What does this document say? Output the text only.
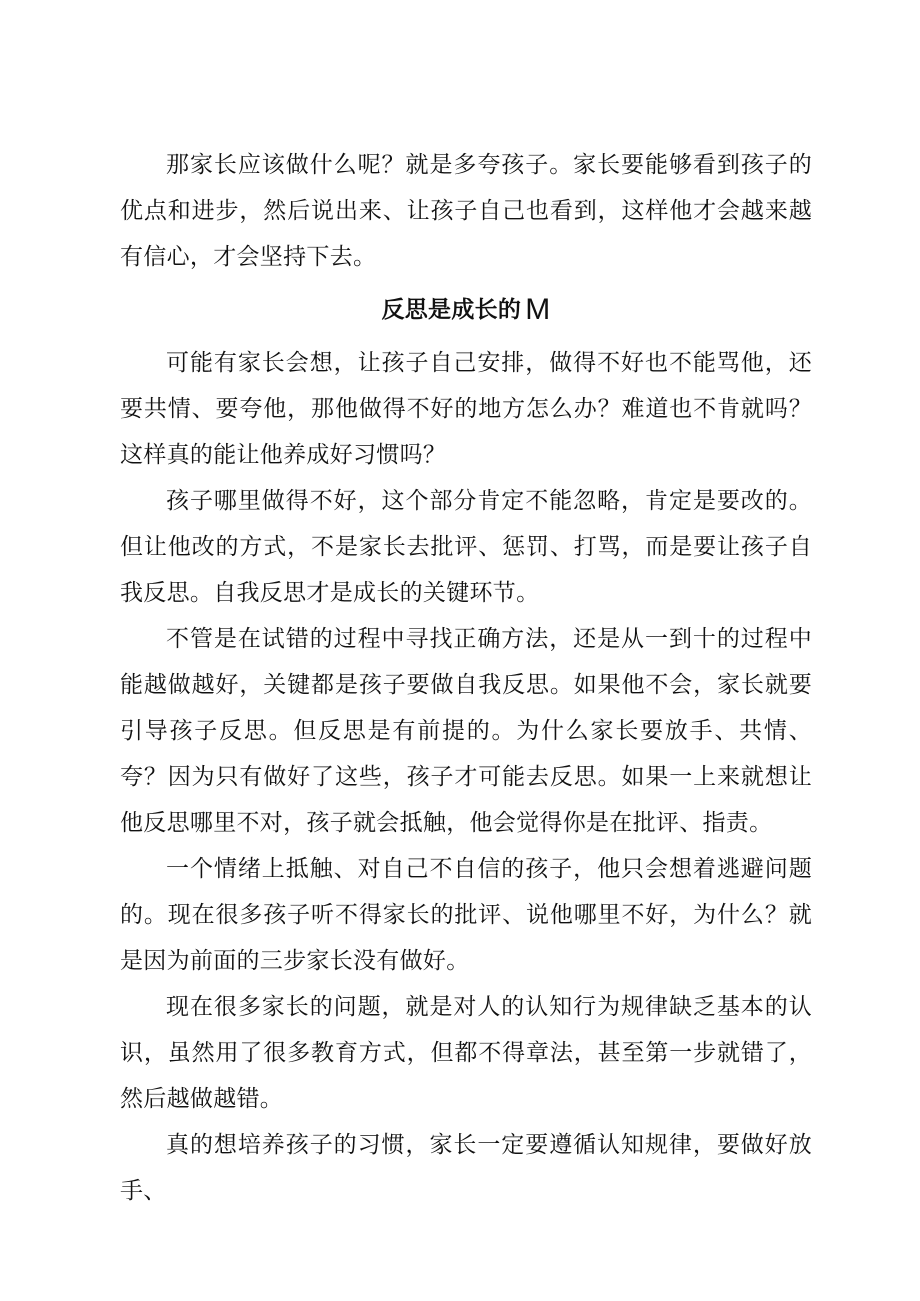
那家长应该做什么呢？就是多夸孩子。家长要能够看到孩子的优点和进步，然后说出来、让孩子自己也看到，这样他才会越来越有信心，才会坚持下去。

反思是成长的 M

可能有家长会想，让孩子自己安排，做得不好也不能骂他，还要共情、要夸他，那他做得不好的地方怎么办？难道也不肯就吗？这样真的能让他养成好习惯吗？

孩子哪里做得不好，这个部分肯定不能忽略，肯定是要改的。但让他改的方式，不是家长去批评、惩罚、打骂，而是要让孩子自我反思。自我反思才是成长的关键环节。

不管是在试错的过程中寻找正确方法，还是从一到十的过程中能越做越好，关键都是孩子要做自我反思。如果他不会，家长就要引导孩子反思。但反思是有前提的。为什么家长要放手、共情、夸？因为只有做好了这些，孩子才可能去反思。如果一上来就想让他反思哪里不对，孩子就会抵触，他会觉得你是在批评、指责。

一个情绪上抵触、对自己不自信的孩子，他只会想着逃避问题的。现在很多孩子听不得家长的批评、说他哪里不好，为什么？就是因为前面的三步家长没有做好。

现在很多家长的问题，就是对人的认知行为规律缺乏基本的认识，虽然用了很多教育方式，但都不得章法，甚至第一步就错了，然后越做越错。

真的想培养孩子的习惯，家长一定要遵循认知规律，要做好放手、
